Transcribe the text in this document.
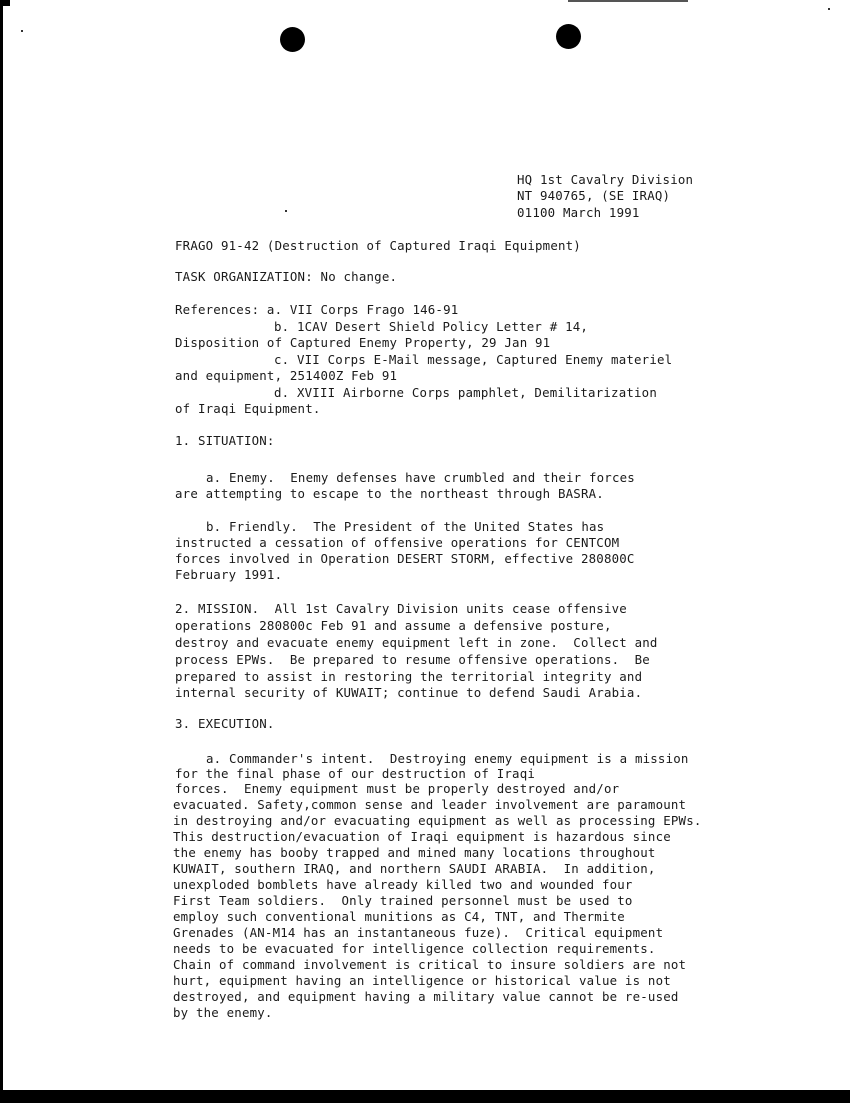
HQ 1st Cavalry Division
NT 940765, (SE IRAQ)
01100 March 1991
FRAGO 91-42 (Destruction of Captured Iraqi Equipment)
TASK ORGANIZATION: No change.
References: a. VII Corps Frago 146-91
b. 1CAV Desert Shield Policy Letter # 14,
Disposition of Captured Enemy Property, 29 Jan 91
c. VII Corps E-Mail message, Captured Enemy materiel
and equipment, 251400Z Feb 91
d. XVIII Airborne Corps pamphlet, Demilitarization
of Iraqi Equipment.
1. SITUATION:
a. Enemy.  Enemy defenses have crumbled and their forces
are attempting to escape to the northeast through BASRA.
b. Friendly.  The President of the United States has
instructed a cessation of offensive operations for CENTCOM
forces involved in Operation DESERT STORM, effective 280800C
February 1991.
2. MISSION.  All 1st Cavalry Division units cease offensive
operations 280800c Feb 91 and assume a defensive posture,
destroy and evacuate enemy equipment left in zone.  Collect and
process EPWs.  Be prepared to resume offensive operations.  Be
prepared to assist in restoring the territorial integrity and
internal security of KUWAIT; continue to defend Saudi Arabia.
3. EXECUTION.
a. Commander's intent.  Destroying enemy equipment is a mission
for the final phase of our destruction of Iraqi
forces.  Enemy equipment must be properly destroyed and/or
evacuated. Safety,common sense and leader involvement are paramount
in destroying and/or evacuating equipment as well as processing EPWs.
This destruction/evacuation of Iraqi equipment is hazardous since
the enemy has booby trapped and mined many locations throughout
KUWAIT, southern IRAQ, and northern SAUDI ARABIA.  In addition,
unexploded bomblets have already killed two and wounded four
First Team soldiers.  Only trained personnel must be used to
employ such conventional munitions as C4, TNT, and Thermite
Grenades (AN-M14 has an instantaneous fuze).  Critical equipment
needs to be evacuated for intelligence collection requirements.
Chain of command involvement is critical to insure soldiers are not
hurt, equipment having an intelligence or historical value is not
destroyed, and equipment having a military value cannot be re-used
by the enemy.
